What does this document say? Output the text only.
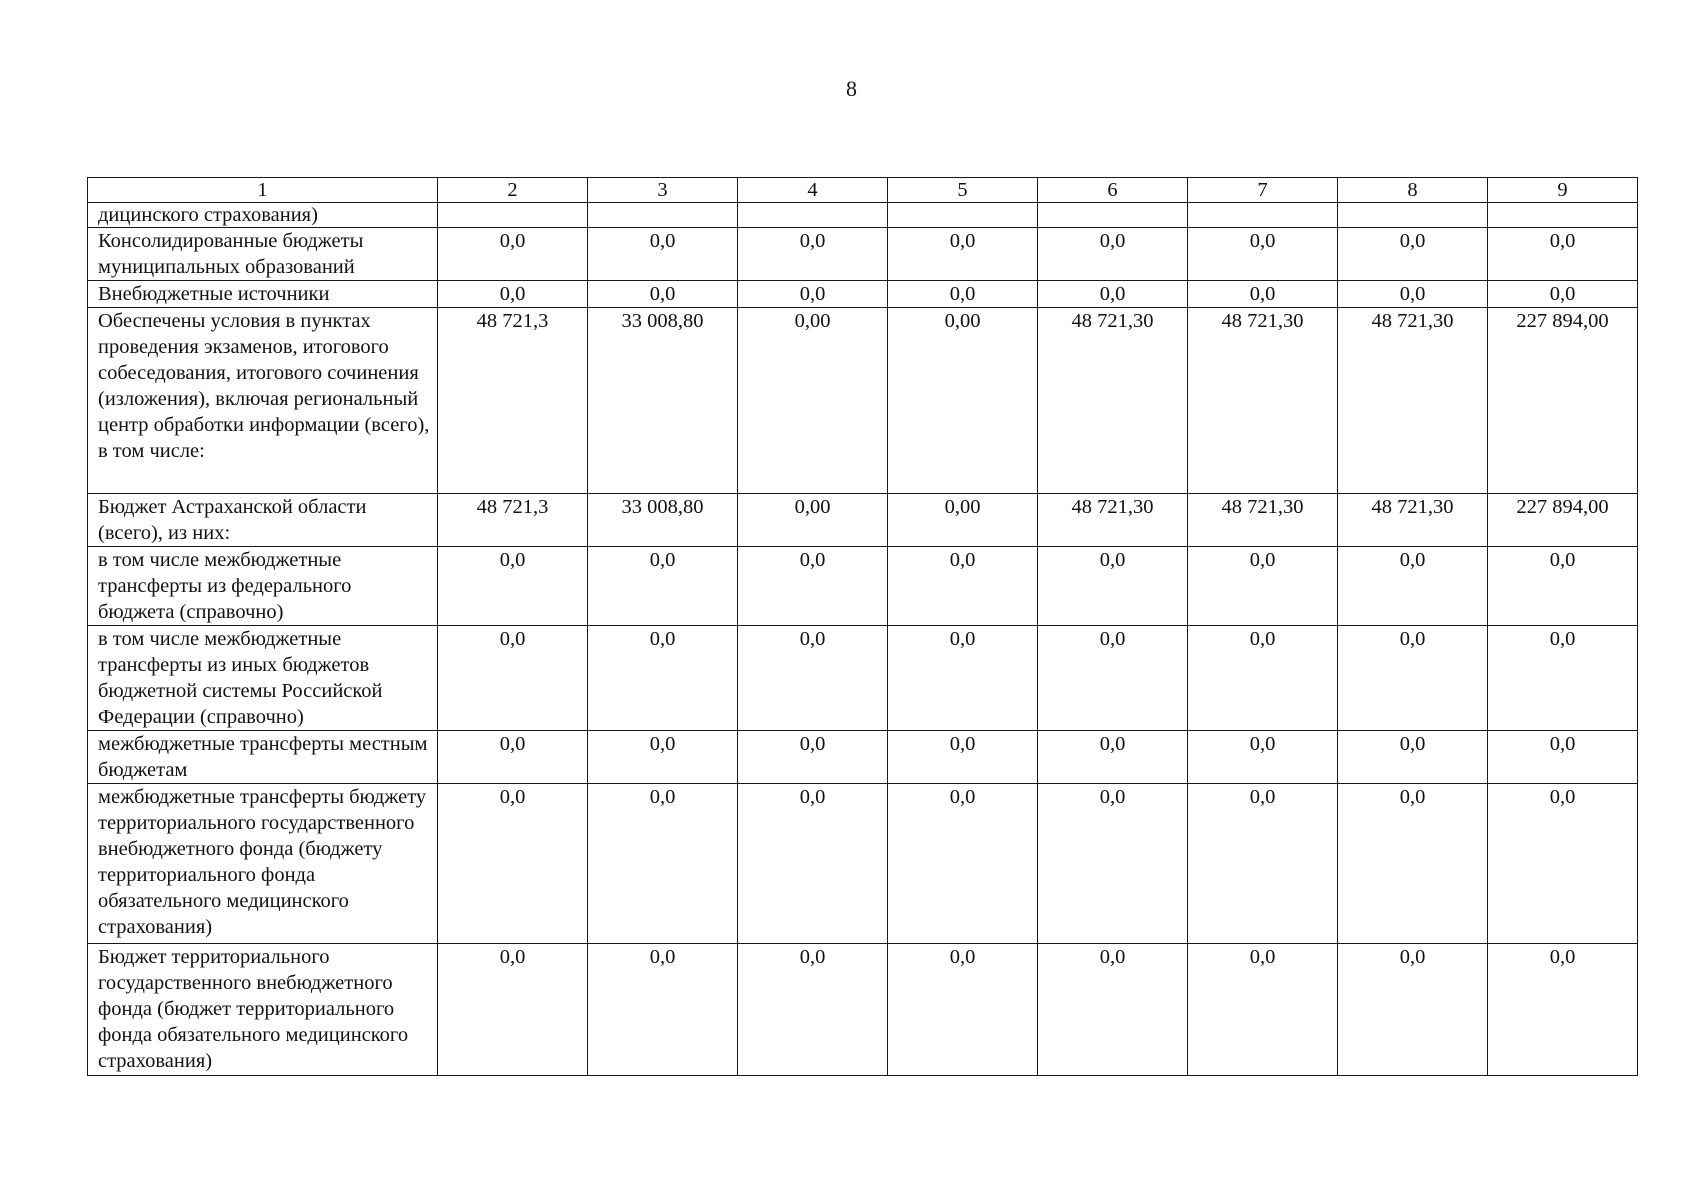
8
1	2	3	4	5	6	7	8	9
дицинского страхования)								
Консолидированные бюджеты муниципальных образований	0,0	0,0	0,0	0,0	0,0	0,0	0,0	0,0
Внебюджетные источники	0,0	0,0	0,0	0,0	0,0	0,0	0,0	0,0
Обеспечены условия в пунктах проведения экзаменов, итогового собеседования, итогового сочинения (изложения), включая региональный центр обработки информации (всего), в том числе:	48 721,3	33 008,80	0,00	0,00	48 721,30	48 721,30	48 721,30	227 894,00
Бюджет Астраханской области (всего), из них:	48 721,3	33 008,80	0,00	0,00	48 721,30	48 721,30	48 721,30	227 894,00
в том числе межбюджетные трансферты из федерального бюджета (справочно)	0,0	0,0	0,0	0,0	0,0	0,0	0,0	0,0
в том числе межбюджетные трансферты из иных бюджетов бюджетной системы Российской Федерации (справочно)	0,0	0,0	0,0	0,0	0,0	0,0	0,0	0,0
межбюджетные трансферты местным бюджетам	0,0	0,0	0,0	0,0	0,0	0,0	0,0	0,0
межбюджетные трансферты бюджету территориального государственного внебюджетного фонда (бюджету территориального фонда обязательного медицинского страхования)	0,0	0,0	0,0	0,0	0,0	0,0	0,0	0,0
Бюджет территориального государственного внебюджетного фонда (бюджет территориального фонда обязательного медицинского страхования)	0,0	0,0	0,0	0,0	0,0	0,0	0,0	0,0
